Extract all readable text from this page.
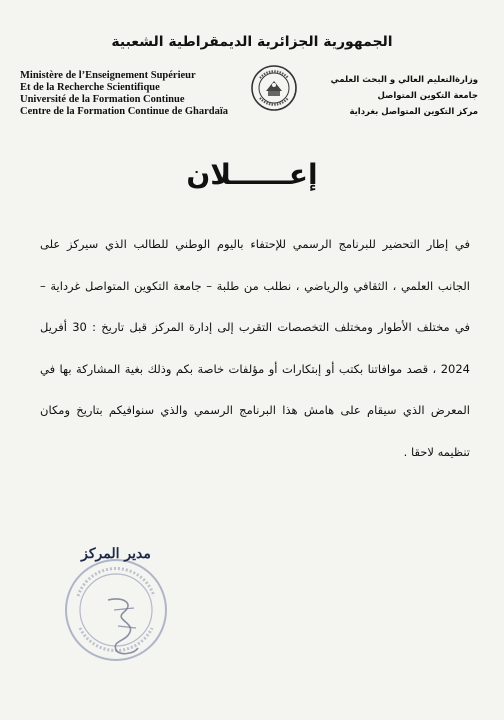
الجمهورية الجزائرية الديمقراطية الشعبية
Ministère de l’Enseignement Supérieur
Et de la Recherche Scientifique
Université de la Formation Continue
Centre de la Formation Continue de Ghardaïa
وزارةالتعليم العالي و البحث العلمي
جامعة التكوين المتواصل
مركز التكوين المتواصل بغرداية
إعــــــلان
في إطار التحضير للبرنامج الرسمي للإحتفاء باليوم الوطني للطالب الذي سيركز على الجانب العلمي ، الثقافي والرياضي ، نطلب من طلبة – جامعة التكوين المتواصل غرداية – في مختلف الأطوار ومختلف التخصصات التقرب إلى إدارة المركز قبل تاريخ : 30 أفريل 2024 ، قصد موافاتنا بكتب أو إبتكارات أو مؤلفات خاصة بكم وذلك بغية المشاركة بها في المعرض الذي سيقام على هامش هذا البرنامج الرسمي والذي سنوافيكم بتاريخ ومكان تنظيمه لاحقا .
مدير المركز
